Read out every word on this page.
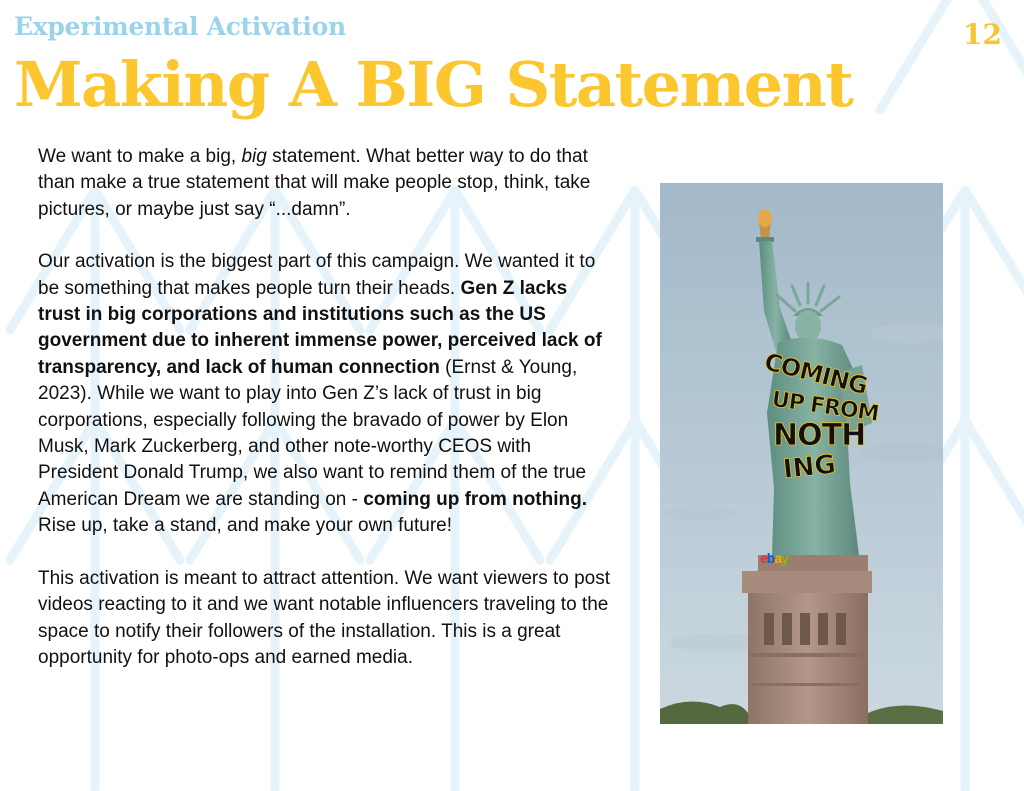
Experimental Activation	12
Making A BIG Statement

We want to make a big, big statement. What better way to do that than make a true statement that will make people stop, think, take pictures, or maybe just say “...damn”.

Our activation is the biggest part of this campaign. We wanted it to be something that makes people turn their heads. Gen Z lacks trust in big corporations and institutions such as the US government due to inherent immense power, perceived lack of transparency, and lack of human connection (Ernst & Young, 2023). While we want to play into Gen Z’s lack of trust in big corporations, especially following the bravado of power by Elon Musk, Mark Zuckerberg, and other note-worthy CEOS with President Donald Trump, we also want to remind them of the true American Dream we are standing on - coming up from nothing. Rise up, take a stand, and make your own future!

This activation is meant to attract attention. We want viewers to post videos reacting to it and we want notable influencers traveling to the space to notify their followers of the installation. This is a great opportunity for photo-ops and earned media.

COMING
UP FROM
NOTH
ING
ebay
